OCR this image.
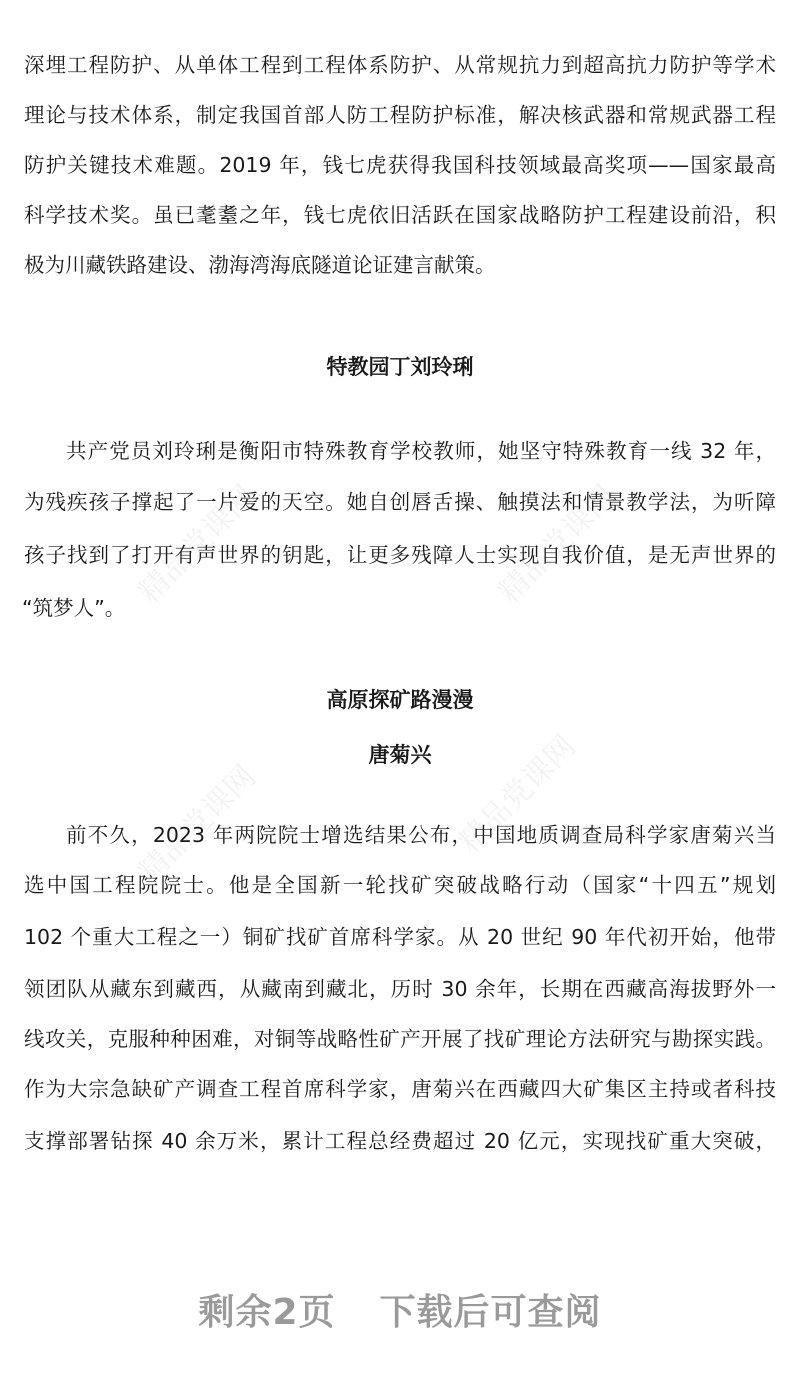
精品党课网	精品党课网
精品党课网	精品党课网
深埋工程防护、从单体工程到工程体系防护、从常规抗力到超高抗力防护等学术
理论与技术体系，制定我国首部人防工程防护标准，解决核武器和常规武器工程
防护关键技术难题。2019 年，钱七虎获得我国科技领域最高奖项——国家最高
科学技术奖。虽已耄耋之年，钱七虎依旧活跃在国家战略防护工程建设前沿，积
极为川藏铁路建设、渤海湾海底隧道论证建言献策。
特教园丁刘玲琍
共产党员刘玲琍是衡阳市特殊教育学校教师，她坚守特殊教育一线 32 年，
为残疾孩子撑起了一片爱的天空。她自创唇舌操、触摸法和情景教学法，为听障
孩子找到了打开有声世界的钥匙，让更多残障人士实现自我价值，是无声世界的
“筑梦人”。
高原探矿路漫漫
唐菊兴
前不久，2023 年两院院士增选结果公布，中国地质调查局科学家唐菊兴当
选中国工程院院士。他是全国新一轮找矿突破战略行动（国家“十四五”规划
102 个重大工程之一）铜矿找矿首席科学家。从 20 世纪 90 年代初开始，他带
领团队从藏东到藏西，从藏南到藏北，历时 30 余年，长期在西藏高海拔野外一
线攻关，克服种种困难，对铜等战略性矿产开展了找矿理论方法研究与勘探实践。
作为大宗急缺矿产调查工程首席科学家，唐菊兴在西藏四大矿集区主持或者科技
支撑部署钻探 40 余万米，累计工程总经费超过 20 亿元，实现找矿重大突破，
剩余2页 下载后可查阅
